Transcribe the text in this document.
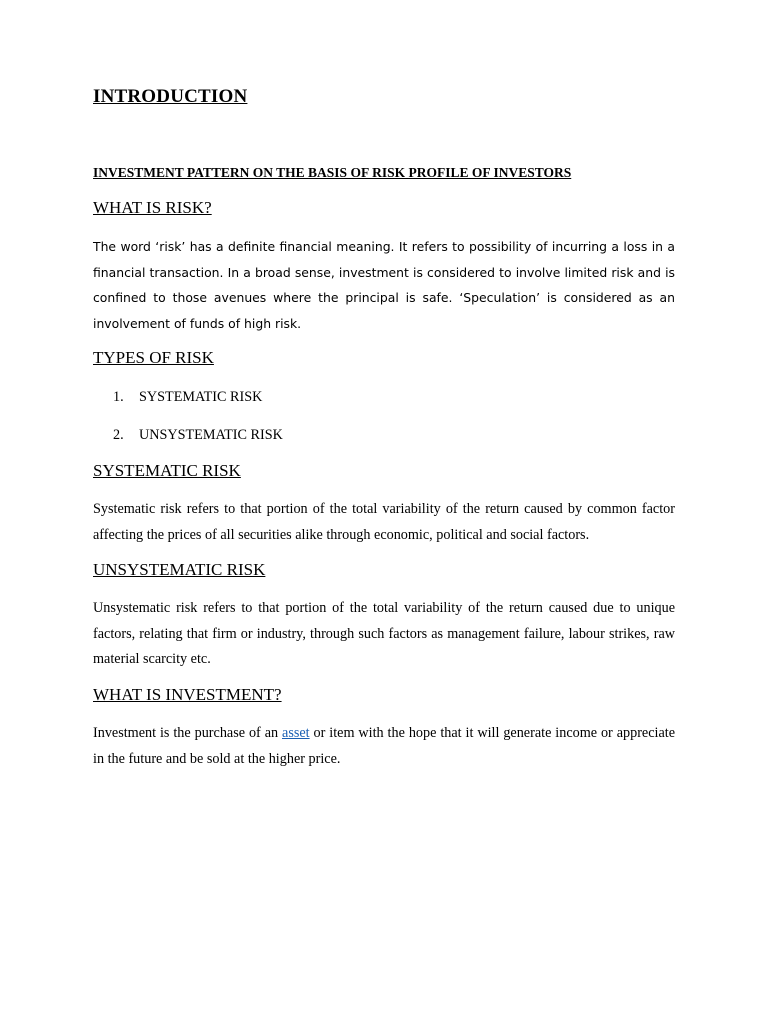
INTRODUCTION
INVESTMENT PATTERN ON THE BASIS OF RISK PROFILE OF INVESTORS
WHAT IS RISK?

The word ‘risk’ has a definite financial meaning. It refers to possibility of incurring a loss in a financial transaction. In a broad sense, investment is considered to involve limited risk and is confined to those avenues where the principal is safe. ‘Speculation’ is considered as an involvement of funds of high risk.

TYPES OF RISK
1. SYSTEMATIC RISK
2. UNSYSTEMATIC RISK
SYSTEMATIC RISK

Systematic risk refers to that portion of the total variability of the return caused by common factor affecting the prices of all securities alike through economic, political and social factors.

UNSYSTEMATIC RISK

Unsystematic risk refers to that portion of the total variability of the return caused due to unique factors, relating that firm or industry, through such factors as management failure, labour strikes, raw material scarcity etc.

WHAT IS INVESTMENT?

Investment is the purchase of an asset or item with the hope that it will generate income or appreciate in the future and be sold at the higher price.
